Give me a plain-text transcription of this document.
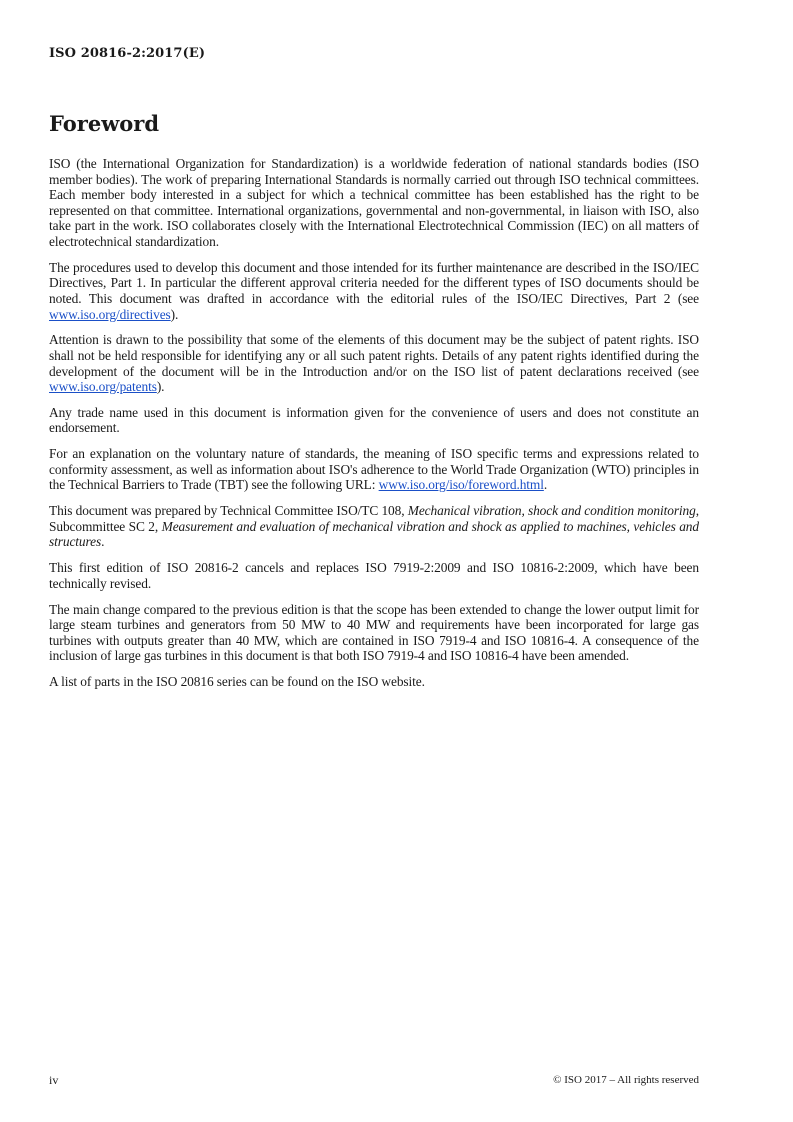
ISO 20816-2:2017(E)
Foreword

ISO (the International Organization for Standardization) is a worldwide federation of national standards bodies (ISO member bodies). The work of preparing International Standards is normally carried out through ISO technical committees. Each member body interested in a subject for which a technical committee has been established has the right to be represented on that committee. International organizations, governmental and non-governmental, in liaison with ISO, also take part in the work. ISO collaborates closely with the International Electrotechnical Commission (IEC) on all matters of electrotechnical standardization.

The procedures used to develop this document and those intended for its further maintenance are described in the ISO/IEC Directives, Part 1. In particular the different approval criteria needed for the different types of ISO documents should be noted. This document was drafted in accordance with the editorial rules of the ISO/IEC Directives, Part 2 (see www.iso.org/directives).

Attention is drawn to the possibility that some of the elements of this document may be the subject of patent rights. ISO shall not be held responsible for identifying any or all such patent rights. Details of any patent rights identified during the development of the document will be in the Introduction and/or on the ISO list of patent declarations received (see www.iso.org/patents).

Any trade name used in this document is information given for the convenience of users and does not constitute an endorsement.

For an explanation on the voluntary nature of standards, the meaning of ISO specific terms and expressions related to conformity assessment, as well as information about ISO's adherence to the World Trade Organization (WTO) principles in the Technical Barriers to Trade (TBT) see the following URL: www.iso.org/iso/foreword.html.

This document was prepared by Technical Committee ISO/TC 108, Mechanical vibration, shock and condition monitoring, Subcommittee SC 2, Measurement and evaluation of mechanical vibration and shock as applied to machines, vehicles and structures.

This first edition of ISO 20816-2 cancels and replaces ISO 7919-2:2009 and ISO 10816-2:2009, which have been technically revised.

The main change compared to the previous edition is that the scope has been extended to change the lower output limit for large steam turbines and generators from 50 MW to 40 MW and requirements have been incorporated for large gas turbines with outputs greater than 40 MW, which are contained in ISO 7919-4 and ISO 10816-4. A consequence of the inclusion of large gas turbines in this document is that both ISO 7919-4 and ISO 10816-4 have been amended.

A list of parts in the ISO 20816 series can be found on the ISO website.

iv	© ISO 2017 – All rights reserved
